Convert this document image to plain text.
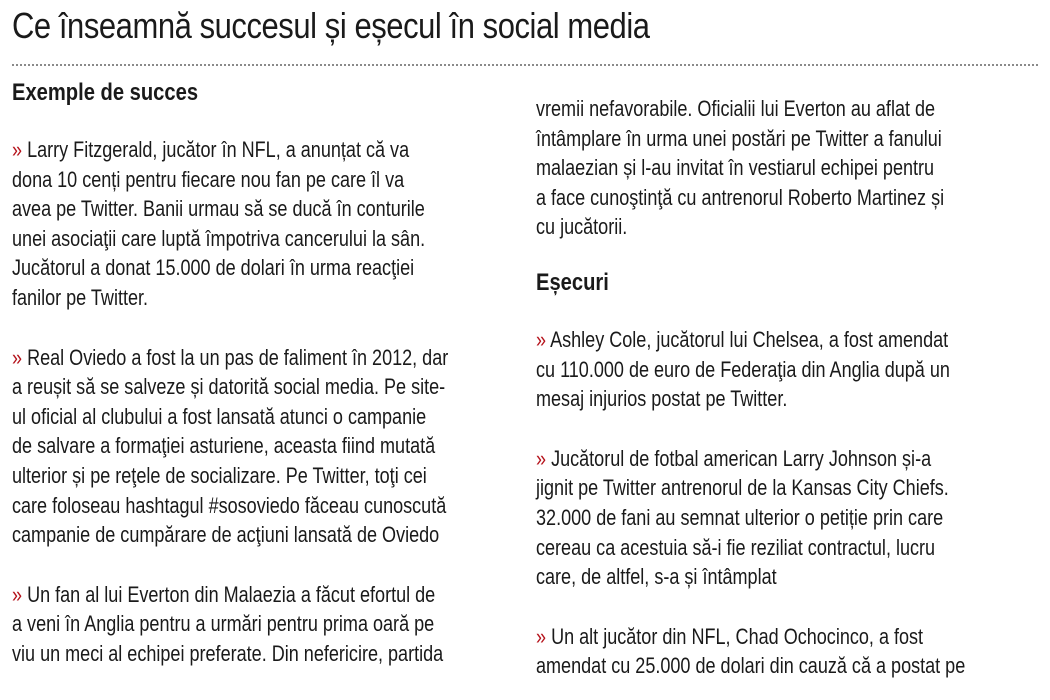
Ce înseamnă succesul și eșecul în social media
Exemple de succes

» Larry Fitzgerald, jucător în NFL, a anunțat că va
dona 10 cenți pentru fiecare nou fan pe care îl va
avea pe Twitter. Banii urmau să se ducă în conturile
unei asociaţii care luptă împotriva cancerului la sân.
Jucătorul a donat 15.000 de dolari în urma reacţiei
fanilor pe Twitter.

» Real Oviedo a fost la un pas de faliment în 2012, dar
a reușit să se salveze și datorită social media. Pe site-
ul oficial al clubului a fost lansată atunci o campanie
de salvare a formaţiei asturiene, aceasta fiind mutată
ulterior și pe reţele de socializare. Pe Twitter, toţi cei
care foloseau hashtagul #sosoviedo făceau cunoscută
campanie de cumpărare de acţiuni lansată de Oviedo

» Un fan al lui Everton din Malaezia a făcut efortul de
a veni în Anglia pentru a urmări pentru prima oară pe
viu un meci al echipei preferate. Din nefericire, partida

vremii nefavorabile. Oficialii lui Everton au aflat de
întâmplare în urma unei postări pe Twitter a fanului
malaezian și l-au invitat în vestiarul echipei pentru
a face cunoştinţă cu antrenorul Roberto Martinez și
cu jucătorii.

Eșecuri

» Ashley Cole, jucătorul lui Chelsea, a fost amendat
cu 110.000 de euro de Federaţia din Anglia după un
mesaj injurios postat pe Twitter.

» Jucătorul de fotbal american Larry Johnson și-a
jignit pe Twitter antrenorul de la Kansas City Chiefs.
32.000 de fani au semnat ulterior o petiție prin care
cereau ca acestuia să-i fie reziliat contractul, lucru
care, de altfel, s-a și întâmplat

» Un alt jucător din NFL, Chad Ochocinco, a fost
amendat cu 25.000 de dolari din cauză că a postat pe
